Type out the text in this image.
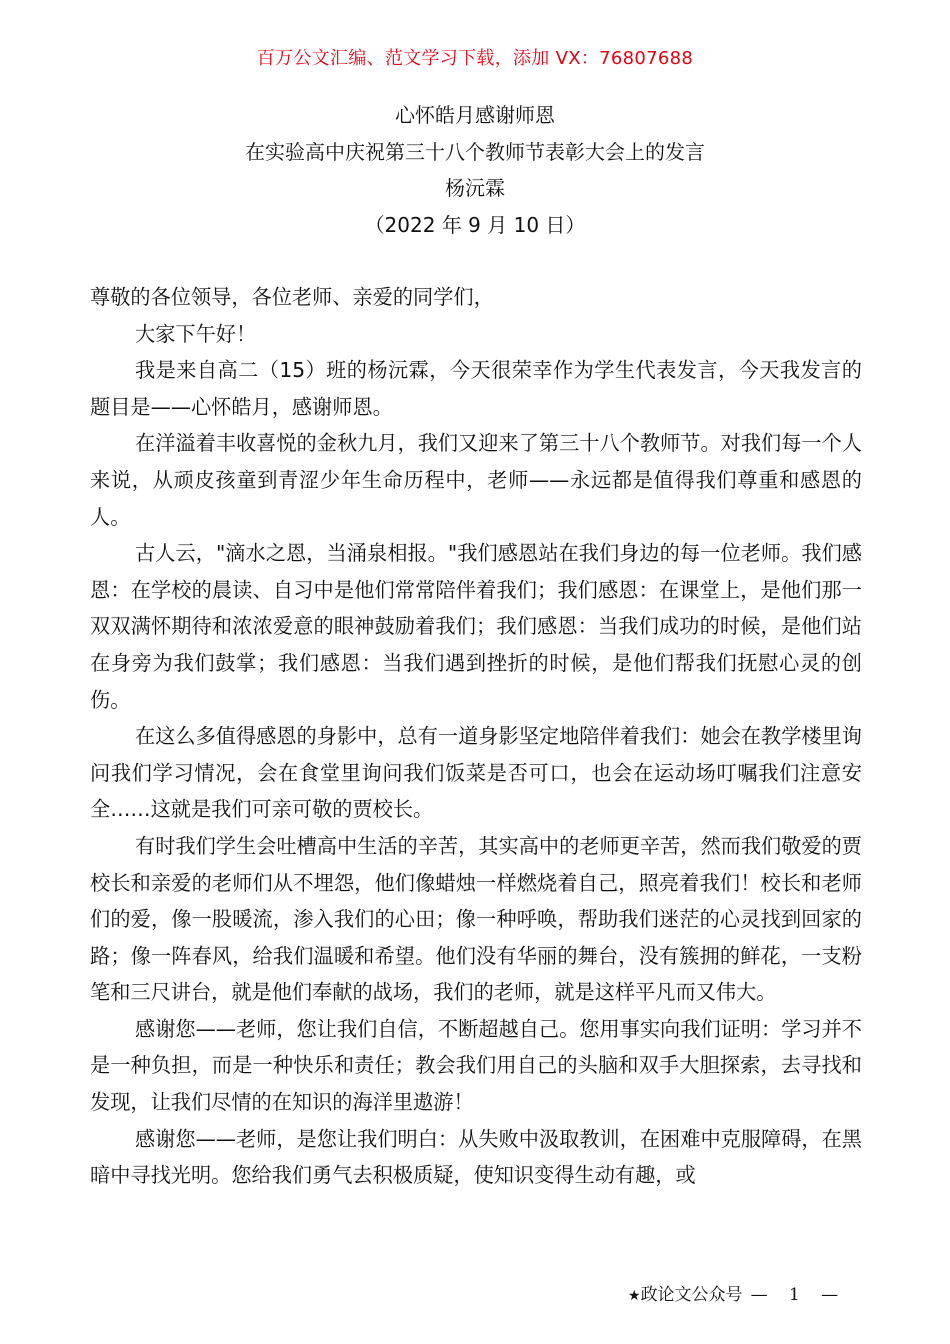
百万公文汇编、范文学习下载，添加 VX：76807688
心怀皓月感谢师恩
在实验高中庆祝第三十八个教师节表彰大会上的发言
杨沅霖
（2022 年 9 月 10 日）

尊敬的各位领导，各位老师、亲爱的同学们，

大家下午好！

我是来自高二（15）班的杨沅霖，今天很荣幸作为学生代表发言，今天我发言的题目是——心怀皓月，感谢师恩。

在洋溢着丰收喜悦的金秋九月，我们又迎来了第三十八个教师节。对我们每一个人来说，从顽皮孩童到青涩少年生命历程中，老师——永远都是值得我们尊重和感恩的人。

古人云，"滴水之恩，当涌泉相报。"我们感恩站在我们身边的每一位老师。我们感恩：在学校的晨读、自习中是他们常常陪伴着我们；我们感恩：在课堂上，是他们那一双双满怀期待和浓浓爱意的眼神鼓励着我们；我们感恩：当我们成功的时候，是他们站在身旁为我们鼓掌；我们感恩：当我们遇到挫折的时候，是他们帮我们抚慰心灵的创伤。

在这么多值得感恩的身影中，总有一道身影坚定地陪伴着我们：她会在教学楼里询问我们学习情况，会在食堂里询问我们饭菜是否可口，也会在运动场叮嘱我们注意安全……这就是我们可亲可敬的贾校长。

有时我们学生会吐槽高中生活的辛苦，其实高中的老师更辛苦，然而我们敬爱的贾校长和亲爱的老师们从不埋怨，他们像蜡烛一样燃烧着自己，照亮着我们！校长和老师们的爱，像一股暖流，渗入我们的心田；像一种呼唤，帮助我们迷茫的心灵找到回家的路；像一阵春风，给我们温暖和希望。他们没有华丽的舞台，没有簇拥的鲜花，一支粉笔和三尺讲台，就是他们奉献的战场，我们的老师，就是这样平凡而又伟大。

感谢您——老师，您让我们自信，不断超越自己。您用事实向我们证明：学习并不是一种负担，而是一种快乐和责任；教会我们用自己的头脑和双手大胆探索，去寻找和发现，让我们尽情的在知识的海洋里遨游！

感谢您——老师，是您让我们明白：从失败中汲取教训，在困难中克服障碍，在黑暗中寻找光明。您给我们勇气去积极质疑，使知识变得生动有趣，或

★政论文公众号 — 1 —
